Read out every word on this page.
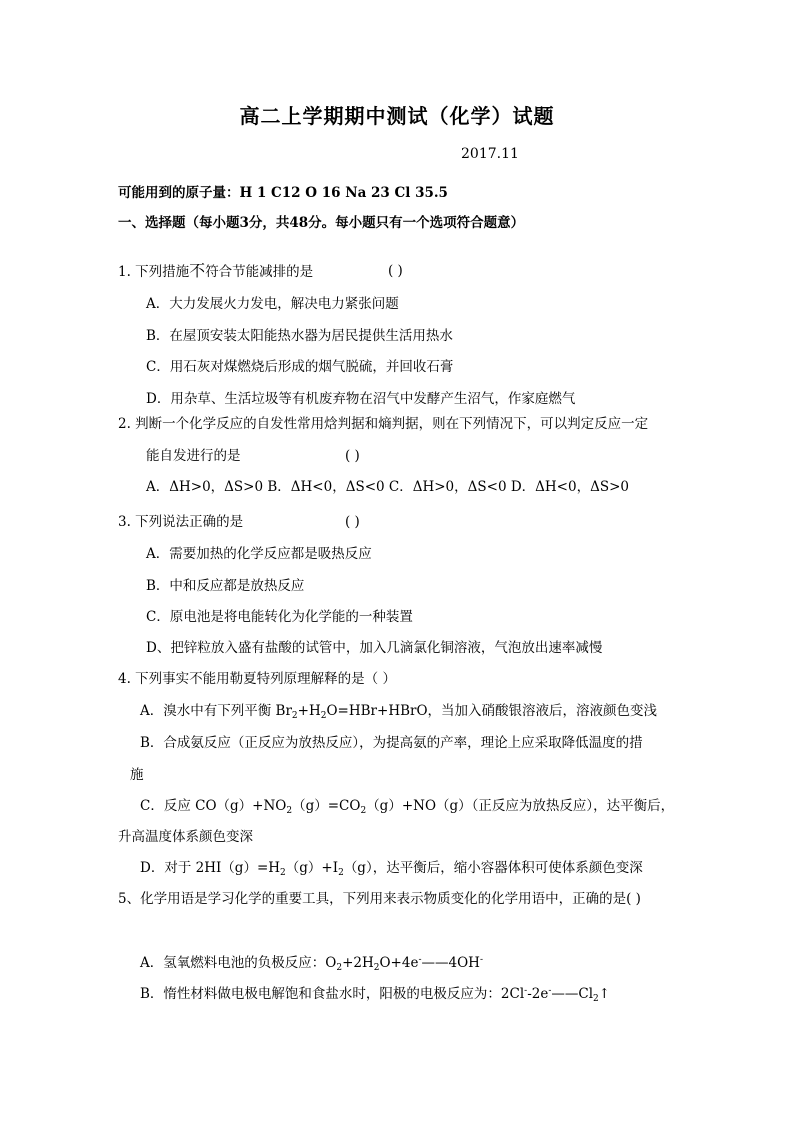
高二上学期期中测试（化学）试题
2017.11
可能用到的原子量：H 1 C12 O 16 Na 23 Cl 35.5
一、选择题（每小题3分，共48分。每小题只有一个选项符合题意）
1. 下列措施不符合节能减排的是	( )
A．大力发展火力发电，解决电力紧张问题
B．在屋顶安装太阳能热水器为居民提供生活用热水
C．用石灰对煤燃烧后形成的烟气脱硫，并回收石膏
D．用杂草、生活垃圾等有机废弃物在沼气中发酵产生沼气，作家庭燃气
2. 判断一个化学反应的自发性常用焓判据和熵判据，则在下列情况下，可以判定反应一定
能自发进行的是	( )
A．ΔH>0，ΔS>0 B．ΔH<0，ΔS<0 C．ΔH>0，ΔS<0 D．ΔH<0，ΔS>0
3. 下列说法正确的是	( )
A．需要加热的化学反应都是吸热反应
B．中和反应都是放热反应
C．原电池是将电能转化为化学能的一种装置
D、把锌粒放入盛有盐酸的试管中，加入几滴氯化铜溶液，气泡放出速率减慢
4. 下列事实不能用勒夏特列原理解释的是（ ）
A．溴水中有下列平衡 $Br_2+H_2O=HBr+HBrO$，当加入硝酸银溶液后，溶液颜色变浅
B．合成氨反应（正反应为放热反应），为提高氨的产率，理论上应采取降低温度的措
施
C．反应 $CO(g)+NO_2(g)=CO_2(g)+NO(g)$（正反应为放热反应），达平衡后，
升高温度体系颜色变深
D．对于 $2HI(g)=H_2(g)+I_2(g)$，达平衡后，缩小容器体积可使体系颜色变深
5、化学用语是学习化学的重要工具，下列用来表示物质变化的化学用语中，正确的是( )
A．氢氧燃料电池的负极反应：$O_2+2H_2O+4e^-——4OH^-$
B．惰性材料做电极电解饱和食盐水时，阳极的电极反应为：$2Cl^--2e^-——Cl_2↑$
